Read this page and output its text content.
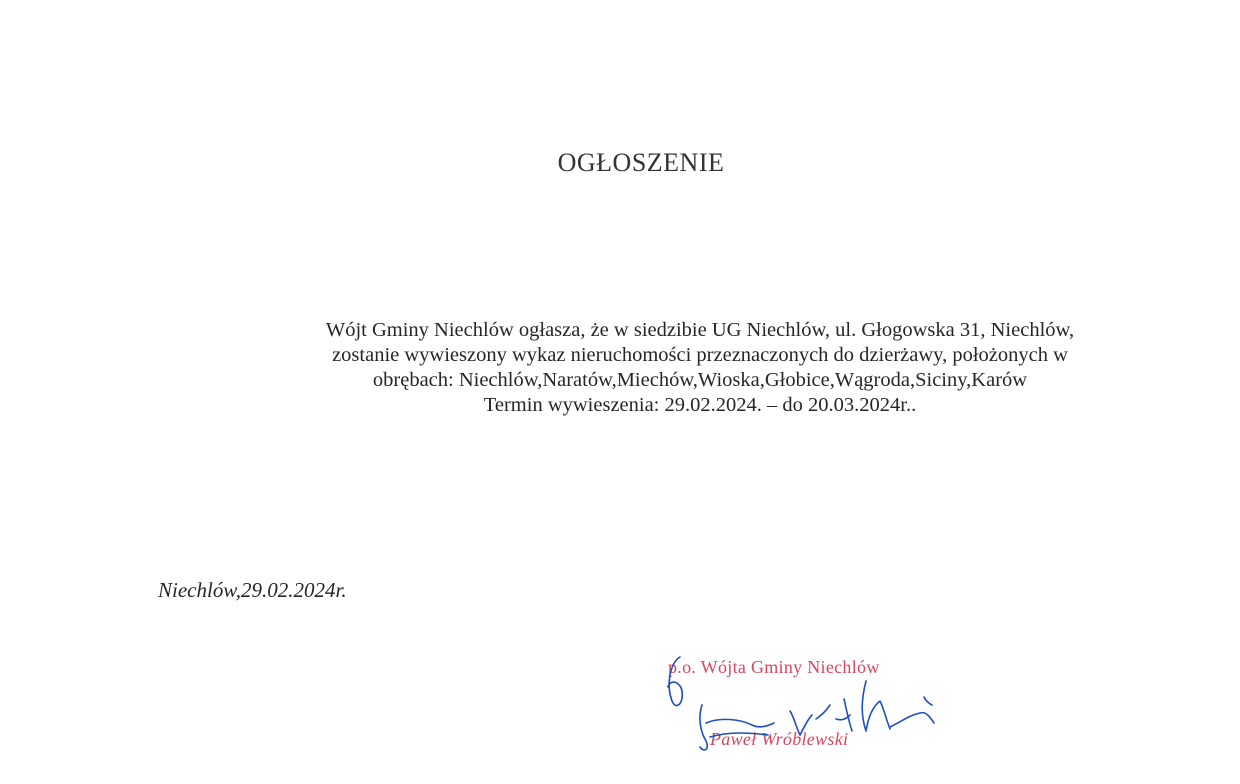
OGŁOSZENIE
Wójt Gminy Niechlów ogłasza, że w siedzibie UG Niechlów, ul. Głogowska 31, Niechlów,
zostanie wywieszony wykaz nieruchomości przeznaczonych do dzierżawy, położonych w
obrębach: Niechlów,Naratów,Miechów,Wioska,Głobice,Wągroda,Siciny,Karów
Termin wywieszenia: 29.02.2024. – do 20.03.2024r..
Niechlów,29.02.2024r.
p.o. Wójta Gminy Niechlów
Paweł Wróblewski
